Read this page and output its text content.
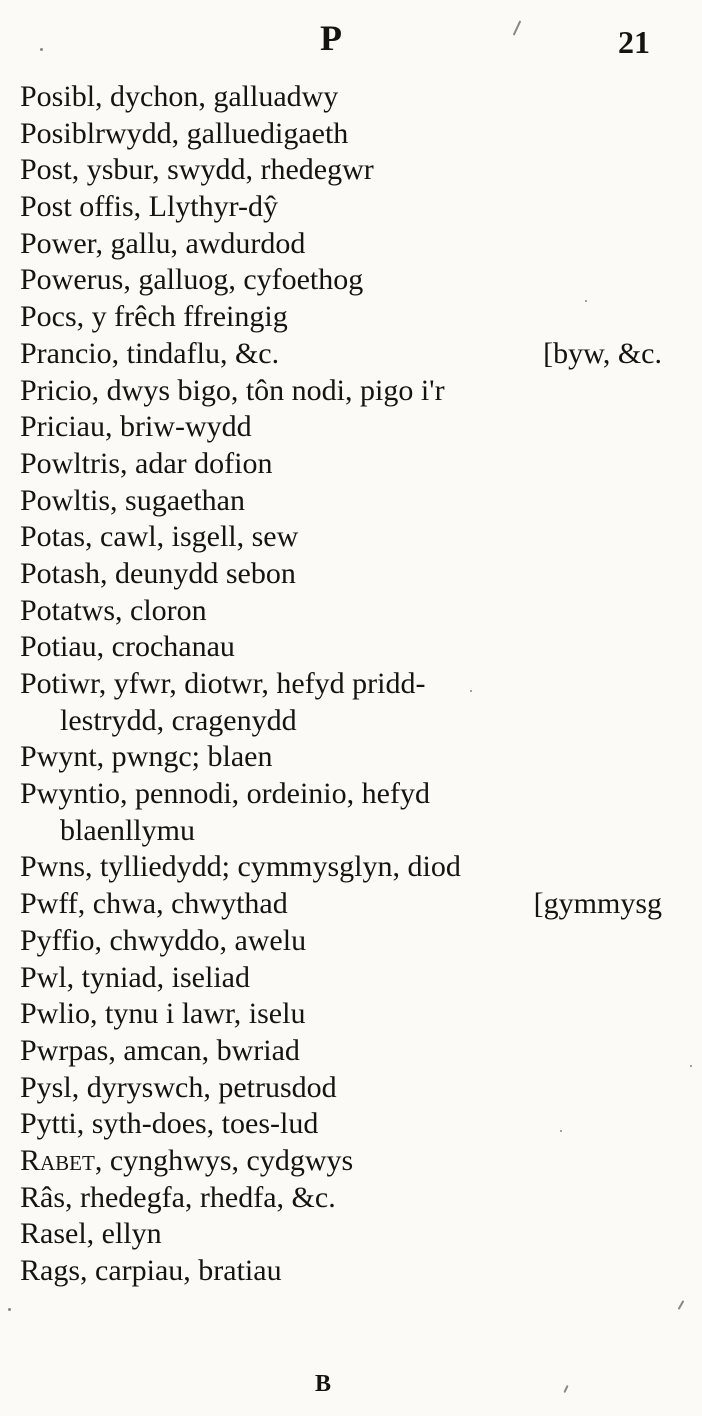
P	21
Posibl, dychon, galluadwy
Posiblrwydd, galluedigaeth
Post, ysbur, swydd, rhedegwr
Post offis, Llythyr-dŷ
Power, gallu, awdurdod
Powerus, galluog, cyfoethog
Pocs, y frêch ffreingig
Prancio, tindaflu, &c.	[byw, &c.
Pricio, dwys bigo, tôn nodi, pigo i'r
Priciau, briw-wydd
Powltris, adar dofion
Powltis, sugaethan
Potas, cawl, isgell, sew
Potash, deunydd sebon
Potatws, cloron
Potiau, crochanau
Potiwr, yfwr, diotwr, hefyd pridd-
lestrydd, cragenydd
Pwynt, pwngc; blaen
Pwyntio, pennodi, ordeinio, hefyd
blaenllymu
Pwns, tylliedydd; cymmysglyn, diod
Pwff, chwa, chwythad	[gymmysg
Pyffio, chwyddo, awelu
Pwl, tyniad, iseliad
Pwlio, tynu i lawr, iselu
Pwrpas, amcan, bwriad
Pysl, dyryswch, petrusdod
Pytti, syth-does, toes-lud
Rabet, cynghwys, cydgwys
Râs, rhedegfa, rhedfa, &c.
Rasel, ellyn
Rags, carpiau, bratiau
B
